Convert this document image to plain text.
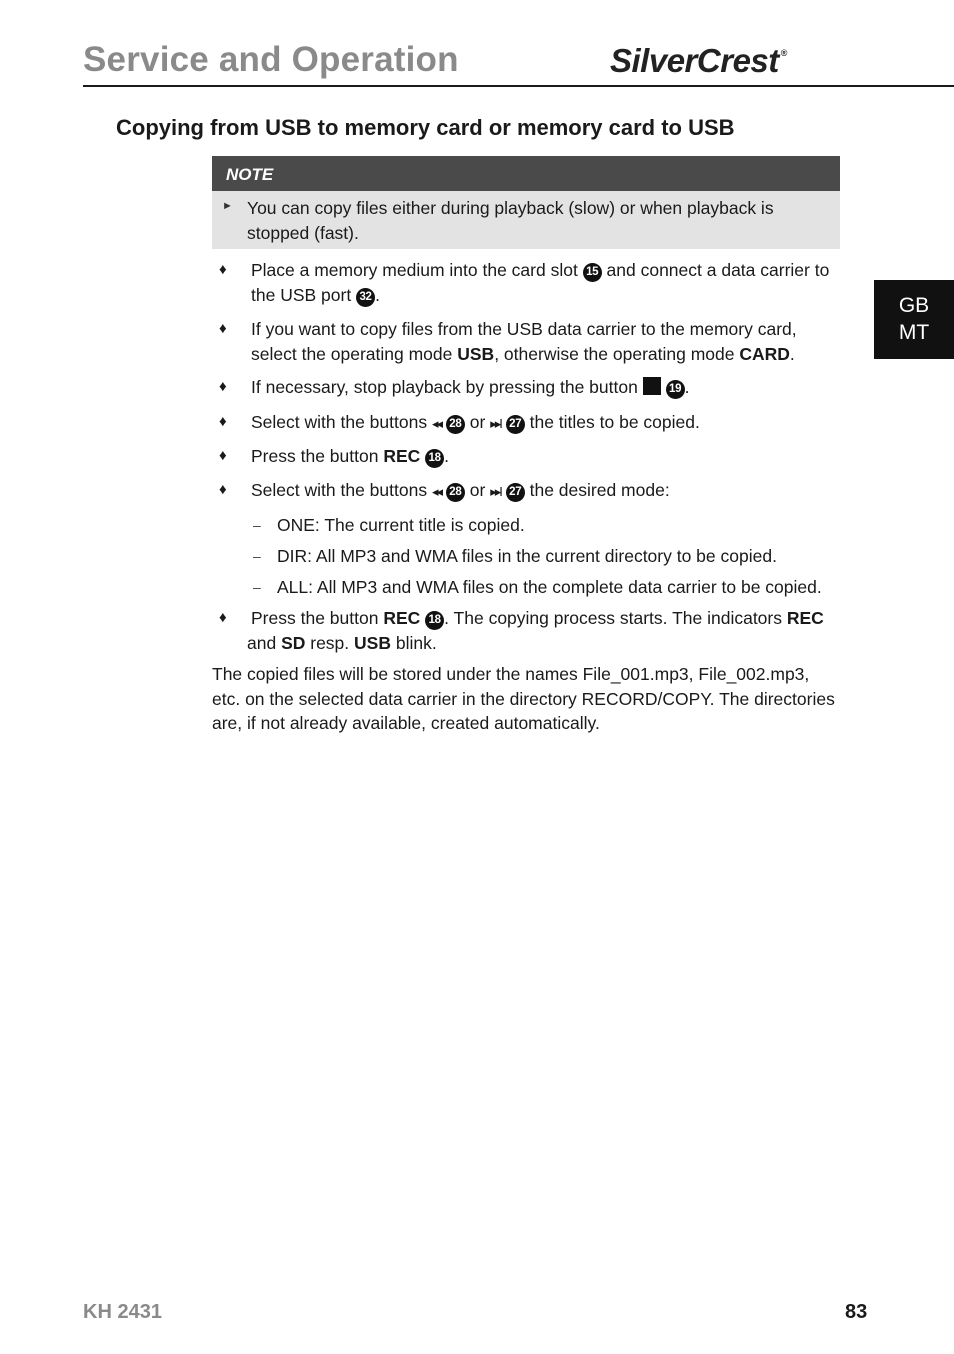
Service and Operation	SilverCrest ®
Copying from USB to memory card or memory card to USB
NOTE
► You can copy files either during playback (slow) or when playback is stopped (fast).
♦ Place a memory medium into the card slot 15 and connect a data carrier to the USB port 32 .
♦ If you want to copy files from the USB data carrier to the memory card, select the operating mode USB, otherwise the operating mode CARD.
♦ If necessary, stop playback by pressing the button  19 .
♦ Select with the buttons ◂◂ 28 or ▸▸I 27 the titles to be copied.
♦ Press the button REC 18 .
♦ Select with the buttons ◂◂ 28 or ▸▸I 27 the desired mode:
– ONE: The current title is copied.
– DIR: All MP3 and WMA files in the current directory to be copied.
– ALL: All MP3 and WMA files on the complete data carrier to be copied.
♦ Press the button REC 18 . The copying process starts. The indicators REC
and SD resp. USB blink.
The copied files will be stored under the names File_001.mp3, File_002.mp3, etc. on the selected data carrier in the directory RECORD/COPY. The directories are, if not already available, created automatically.
GB
MT
KH 2431	83
